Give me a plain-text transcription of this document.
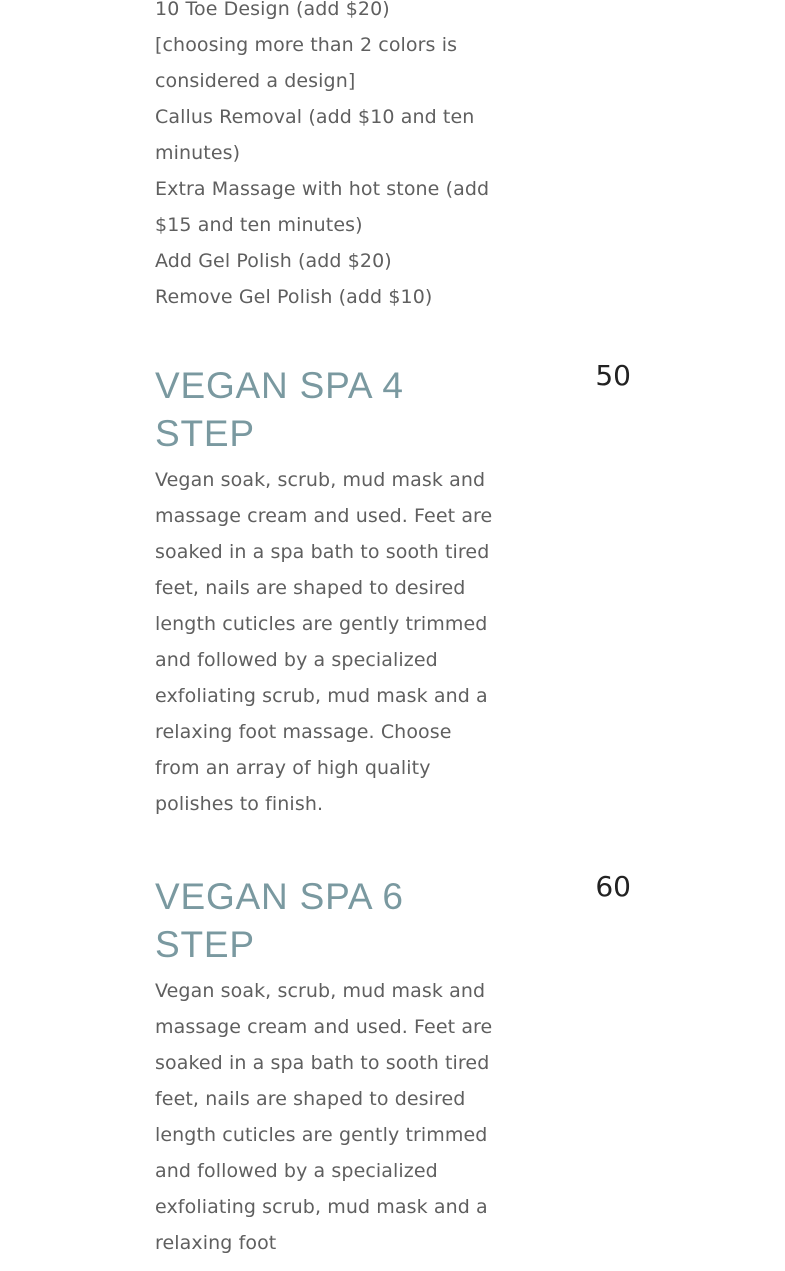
10 Toe Design (add $20)
[choosing more than 2 colors is considered a design]
Callus Removal (add $10 and ten minutes)
Extra Massage with hot stone (add $15 and ten minutes)
Add Gel Polish (add $20)
Remove Gel Polish (add $10)
VEGAN SPA 4 STEP
50

Vegan soak, scrub, mud mask and massage cream and used. Feet are soaked in a spa bath to sooth tired feet, nails are shaped to desired length cuticles are gently trimmed and followed by a specialized exfoliating scrub, mud mask and a relaxing foot massage. Choose from an array of high quality polishes to finish.

VEGAN SPA 6 STEP
60

Vegan soak, scrub, mud mask and massage cream and used. Feet are soaked in a spa bath to sooth tired feet, nails are shaped to desired length cuticles are gently trimmed and followed by a specialized exfoliating scrub, mud mask and a relaxing foot
